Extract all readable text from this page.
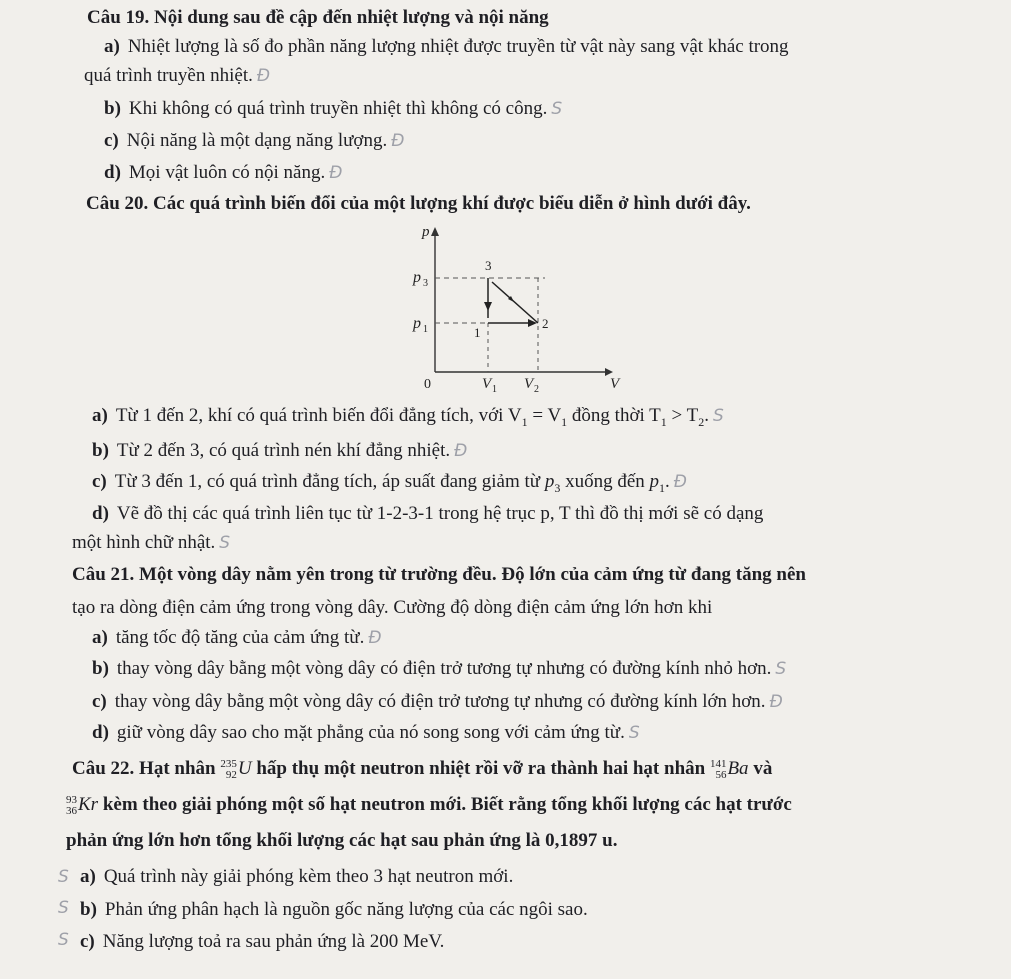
Câu 19. Nội dung sau đề cập đến nhiệt lượng và nội năng
a) Nhiệt lượng là số đo phần năng lượng nhiệt được truyền từ vật này sang vật khác trong
quá trình truyền nhiệt. Đ
b) Khi không có quá trình truyền nhiệt thì không có công. S
c) Nội năng là một dạng năng lượng. Đ
d) Mọi vật luôn có nội năng. Đ
Câu 20. Các quá trình biến đổi của một lượng khí được biểu diễn ở hình dưới đây.
p
V
0
p 3
p 1
V 1 V 2
1
2
3
a) Từ 1 đến 2, khí có quá trình biến đổi đẳng tích, với $V_1 = V_1$ đồng thời $T_1 > T_2$. S
b) Từ 2 đến 3, có quá trình nén khí đẳng nhiệt. Đ
c) Từ 3 đến 1, có quá trình đẳng tích, áp suất đang giảm từ $p_3$ xuống đến $p_1$. Đ
d) Vẽ đồ thị các quá trình liên tục từ 1-2-3-1 trong hệ trục p, T thì đồ thị mới sẽ có dạng
một hình chữ nhật. S
Câu 21. Một vòng dây nằm yên trong từ trường đều. Độ lớn của cảm ứng từ đang tăng nên
tạo ra dòng điện cảm ứng trong vòng dây. Cường độ dòng điện cảm ứng lớn hơn khi
a) tăng tốc độ tăng của cảm ứng từ. Đ
b) thay vòng dây bằng một vòng dây có điện trở tương tự nhưng có đường kính nhỏ hơn. S
c) thay vòng dây bằng một vòng dây có điện trở tương tự nhưng có đường kính lớn hơn. Đ
d) giữ vòng dây sao cho mặt phẳng của nó song song với cảm ứng từ. S
Câu 22. Hạt nhân 235
92 U hấp thụ một neutron nhiệt rồi vỡ ra thành hai hạt nhân 141
56 Ba và
93
36 Kr kèm theo giải phóng một số hạt neutron mới. Biết rằng tổng khối lượng các hạt trước
phản ứng lớn hơn tổng khối lượng các hạt sau phản ứng là 0,1897 u.
S a) Quá trình này giải phóng kèm theo 3 hạt neutron mới.
S b) Phản ứng phân hạch là nguồn gốc năng lượng của các ngôi sao.
S c) Năng lượng toả ra sau phản ứng là 200 MeV.
